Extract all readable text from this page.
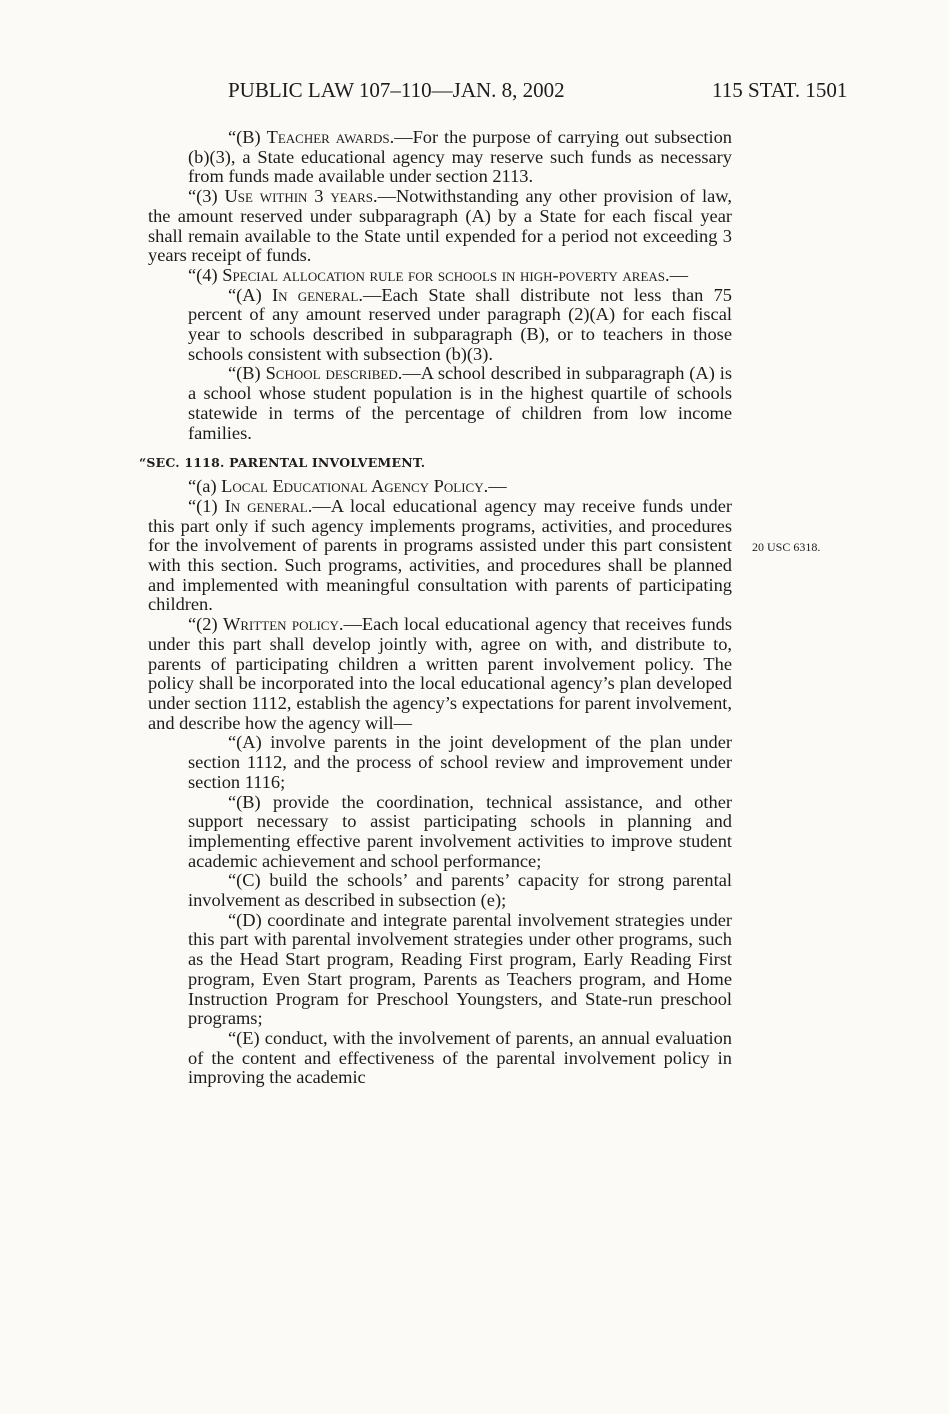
PUBLIC LAW 107–110—JAN. 8, 2002	115 STAT. 1501
20 USC 6318.

“(B) Teacher awards.—For the purpose of carrying out subsection (b)(3), a State educational agency may reserve such funds as necessary from funds made available under section 2113.

“(3) Use within 3 years.—Notwithstanding any other provision of law, the amount reserved under subparagraph (A) by a State for each fiscal year shall remain available to the State until expended for a period not exceeding 3 years receipt of funds.

“(4) Special allocation rule for schools in high-poverty areas.—

“(A) In general.—Each State shall distribute not less than 75 percent of any amount reserved under paragraph (2)(A) for each fiscal year to schools described in subparagraph (B), or to teachers in those schools consistent with subsection (b)(3).

“(B) School described.—A school described in subparagraph (A) is a school whose student population is in the highest quartile of schools statewide in terms of the percentage of children from low income families.

“SEC. 1118. PARENTAL INVOLVEMENT.

“(a) Local Educational Agency Policy.—

“(1) In general.—A local educational agency may receive funds under this part only if such agency implements programs, activities, and procedures for the involvement of parents in programs assisted under this part consistent with this section. Such programs, activities, and procedures shall be planned and implemented with meaningful consultation with parents of participating children.

“(2) Written policy.—Each local educational agency that receives funds under this part shall develop jointly with, agree on with, and distribute to, parents of participating children a written parent involvement policy. The policy shall be incorporated into the local educational agency’s plan developed under section 1112, establish the agency’s expectations for parent involvement, and describe how the agency will—

“(A) involve parents in the joint development of the plan under section 1112, and the process of school review and improvement under section 1116;

“(B) provide the coordination, technical assistance, and other support necessary to assist participating schools in planning and implementing effective parent involvement activities to improve student academic achievement and school performance;

“(C) build the schools’ and parents’ capacity for strong parental involvement as described in subsection (e);

“(D) coordinate and integrate parental involvement strategies under this part with parental involvement strategies under other programs, such as the Head Start program, Reading First program, Early Reading First program, Even Start program, Parents as Teachers program, and Home Instruction Program for Preschool Youngsters, and State-run preschool programs;

“(E) conduct, with the involvement of parents, an annual evaluation of the content and effectiveness of the parental involvement policy in improving the academic
